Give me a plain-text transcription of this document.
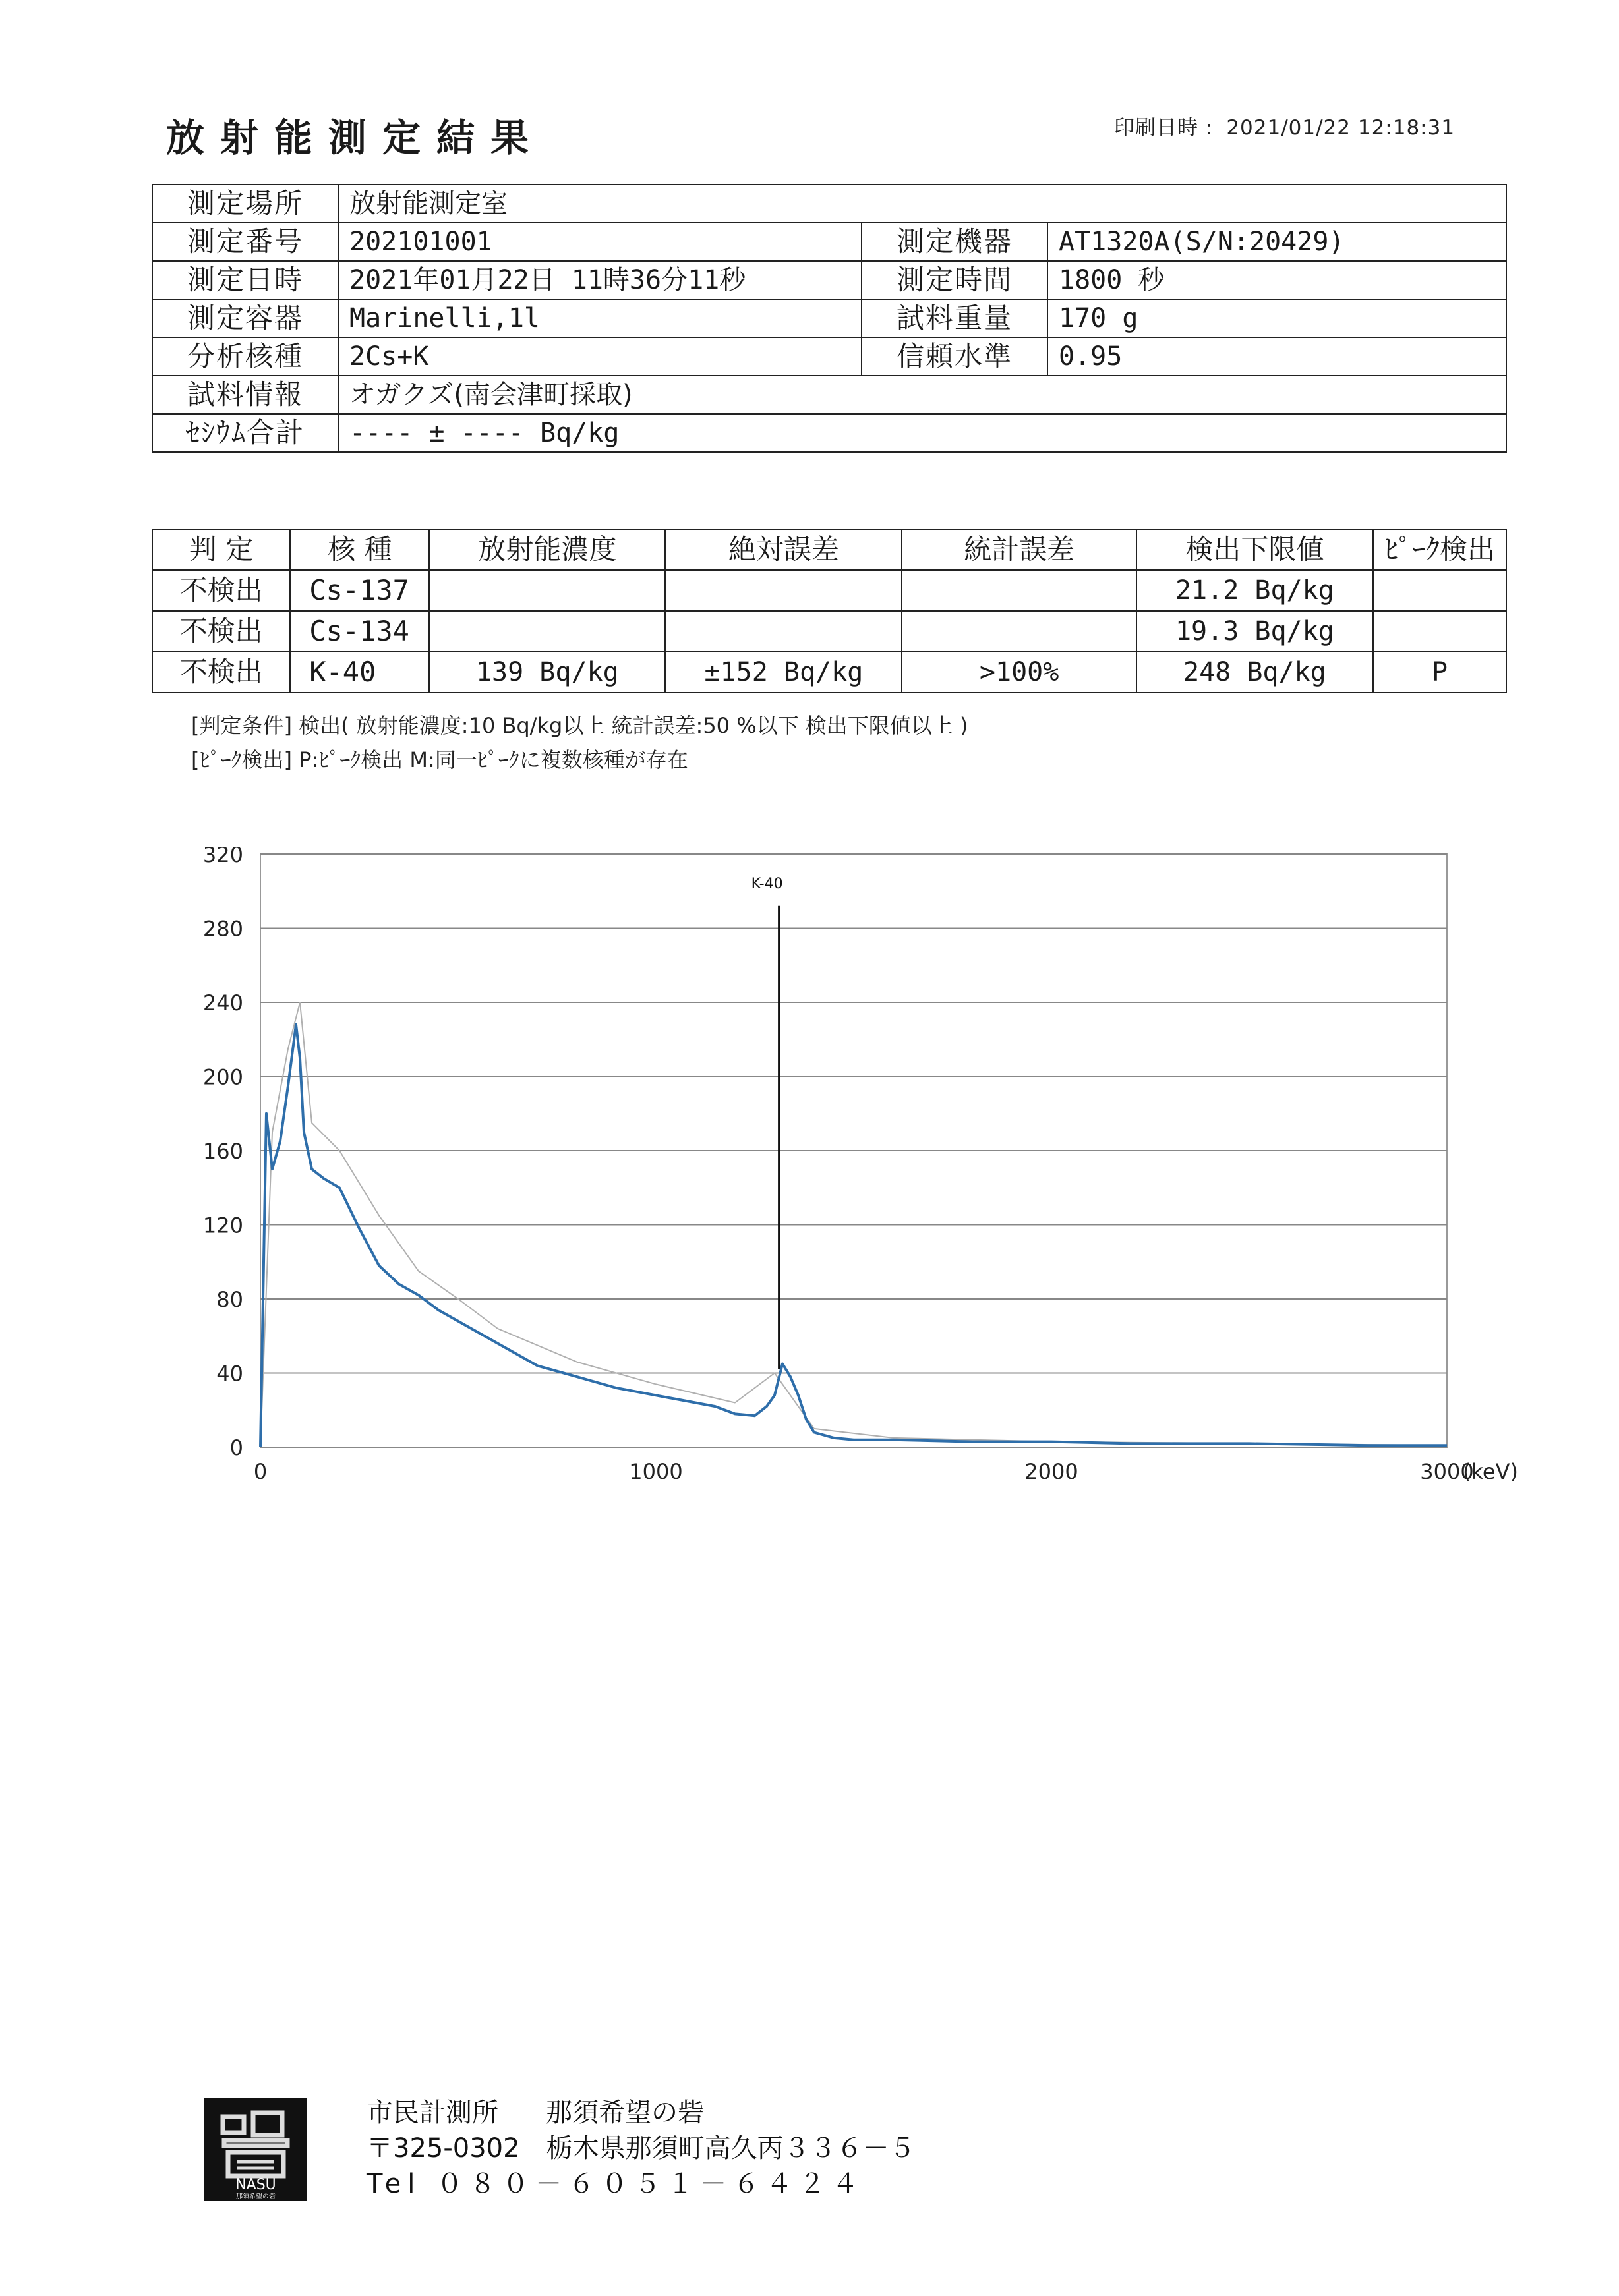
放射能測定結果	印刷日時 : 2021/01/22 12:18:31
測定場所	放射能測定室		
測定番号	202101001	測定機器	AT1320A(S/N:20429)
測定日時	2021年01月22日 11時36分11秒	測定時間	1800 秒
測定容器	Marinelli,1l	試料重量	170 g
分析核種	2Cs+K	信頼水準	0.95
試料情報	オガクズ(南会津町採取)		
ｾｼｳﾑ合計	---- ± ---- Bq/kg		
判 定	核 種	放射能濃度	絶対誤差	統計誤差	検出下限値	ﾋﾟｰｸ検出
不検出	Cs-137				21.2 Bq/kg	
不検出	Cs-134				19.3 Bq/kg	
不検出	K-40	139 Bq/kg	±152 Bq/kg	>100%	248 Bq/kg	P
[判定条件] 検出( 放射能濃度:10 Bq/kg以上 統計誤差:50 %以下 検出下限値以上 )
[ﾋﾟｰｸ検出] P:ﾋﾟｰｸ検出 M:同一ﾋﾟｰｸに複数核種が存在
0
40
80
120
160
200
240
280
320
0	1000	2000	3000
(keV)
K-40
NASU
那須希望の砦
市民計測所 那須希望の砦
〒325-0302 栃木県那須町高久丙３３６－５
Tel ０８０－６０５１－６４２４
